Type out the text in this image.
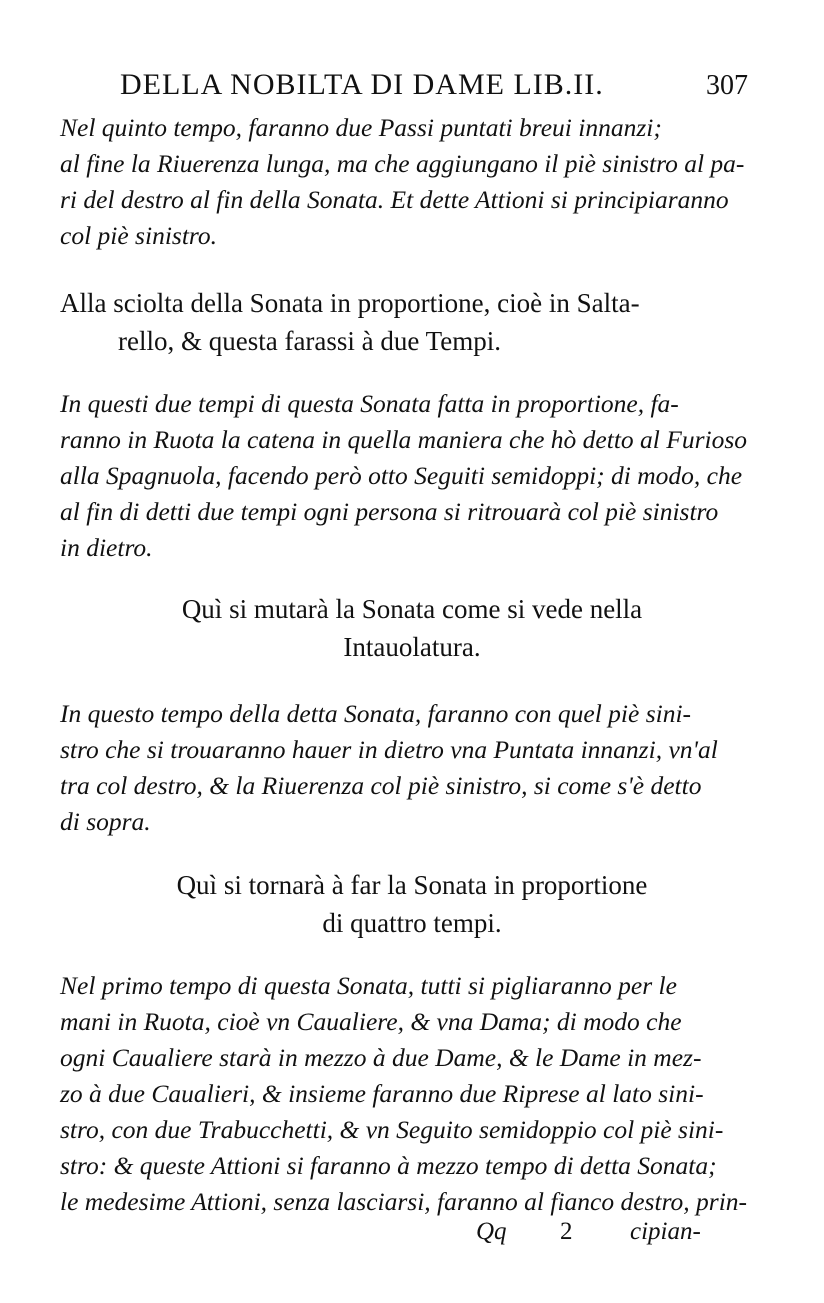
DELLA NOBILTA DI DAME LIB.II.	307
Nel quinto tempo, faranno due Passi puntati breui innanzi;
al fine la Riuerenza lunga, ma che aggiungano il piè sinistro al pa-
ri del destro al fin della Sonata. Et dette Attioni si principiaranno
col piè sinistro.
Alla sciolta della Sonata in proportione, cioè in Salta-
rello, & questa farassi à due Tempi.
In questi due tempi di questa Sonata fatta in proportione, fa-
ranno in Ruota la catena in quella maniera che hò detto al Furioso
alla Spagnuola, facendo però otto Seguiti semidoppi; di modo, che
al fin di detti due tempi ogni persona si ritrouarà col piè sinistro
in dietro.
Quì si mutarà la Sonata come si vede nella
Intauolatura.
In questo tempo della detta Sonata, faranno con quel piè sini-
stro che si trouaranno hauer in dietro vna Puntata innanzi, vn'al
tra col destro, & la Riuerenza col piè sinistro, si come s'è detto
di sopra.
Quì si tornarà à far la Sonata in proportione
di quattro tempi.
Nel primo tempo di questa Sonata, tutti si pigliaranno per le
mani in Ruota, cioè vn Caualiere, & vna Dama; di modo che
ogni Caualiere starà in mezzo à due Dame, & le Dame in mez-
zo à due Caualieri, & insieme faranno due Riprese al lato sini-
stro, con due Trabucchetti, & vn Seguito semidoppio col piè sini-
stro: & queste Attioni si faranno à mezzo tempo di detta Sonata;
le medesime Attioni, senza lasciarsi, faranno al fianco destro, prin-
Qq 2 cipian-
